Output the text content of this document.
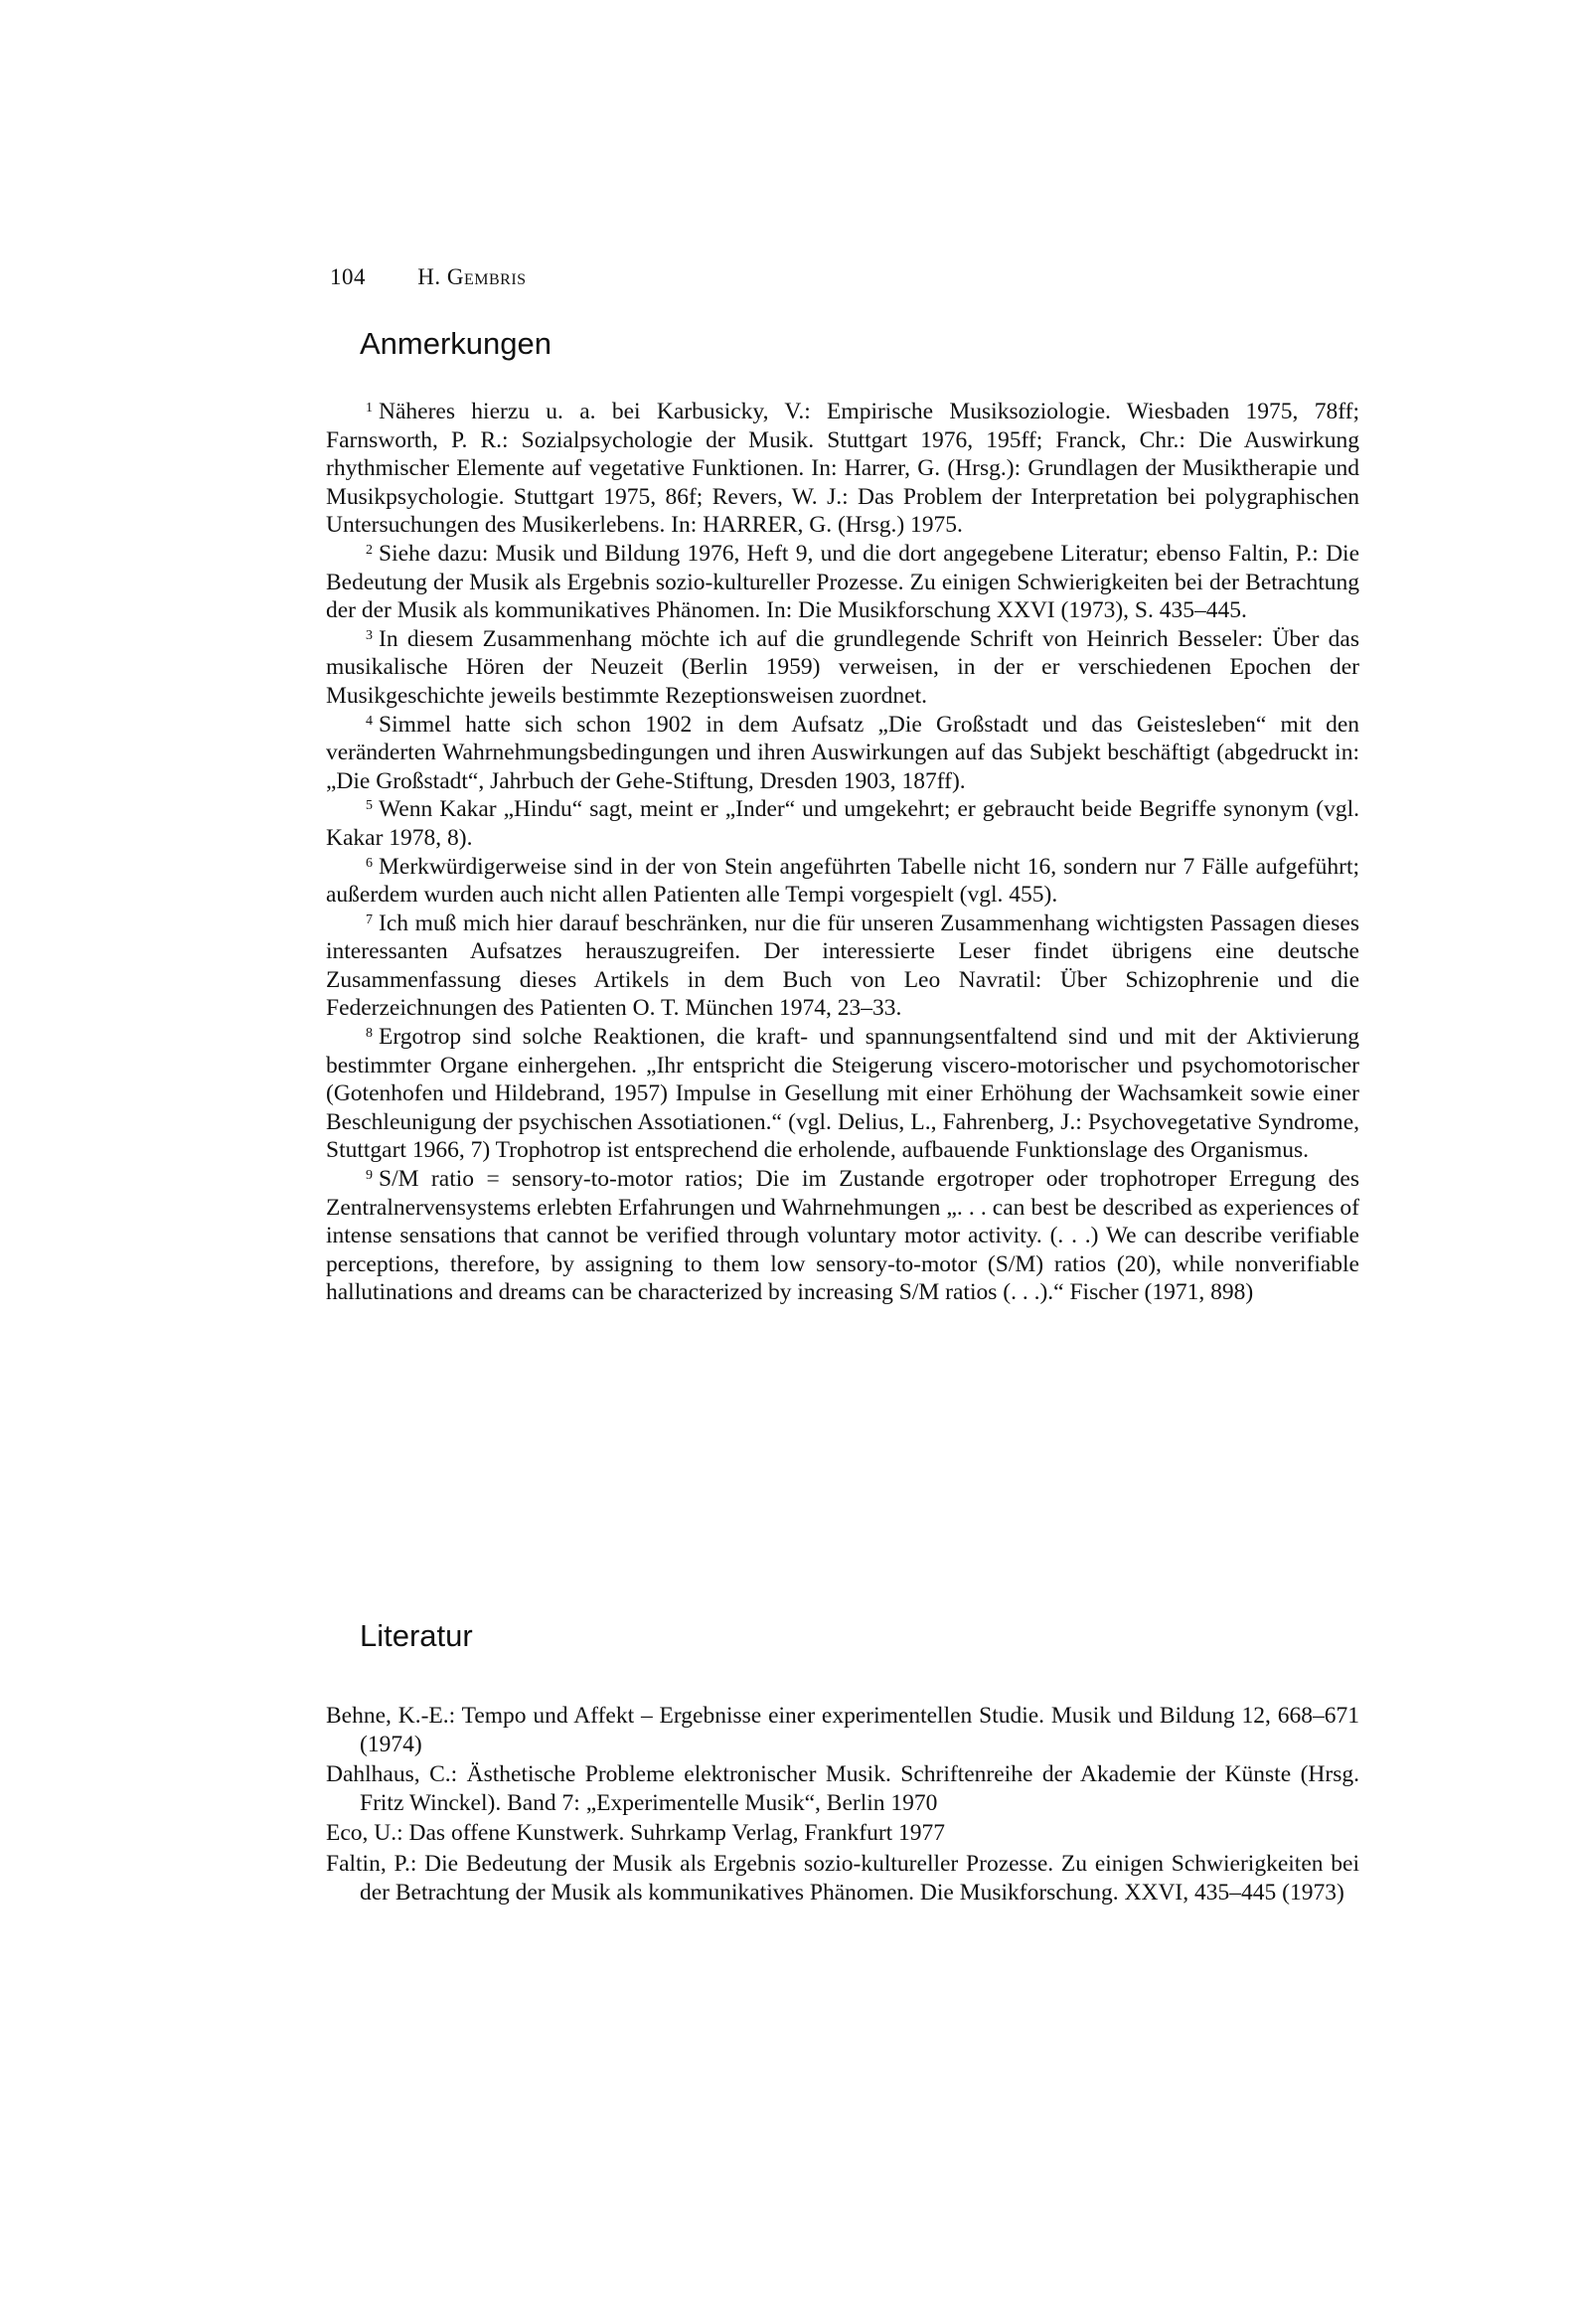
104 H. Gembris
Anmerkungen

$^1$ Näheres hierzu u. a. bei Karbusicky, V.: Empirische Musiksoziologie. Wiesbaden 1975, 78ff; Farnsworth, P. R.: Sozialpsychologie der Musik. Stuttgart 1976, 195ff; Franck, Chr.: Die Auswirkung rhythmischer Elemente auf vegetative Funktionen. In: Harrer, G. (Hrsg.): Grundlagen der Musiktherapie und Musikpsychologie. Stuttgart 1975, 86f; Revers, W. J.: Das Problem der Interpretation bei polygraphischen Untersuchungen des Musikerlebens. In: HARRER, G. (Hrsg.) 1975.

$^2$ Siehe dazu: Musik und Bildung 1976, Heft 9, und die dort angegebene Literatur; ebenso Faltin, P.: Die Bedeutung der Musik als Ergebnis sozio-kultureller Prozesse. Zu einigen Schwierigkeiten bei der Betrachtung der der Musik als kommunikatives Phänomen. In: Die Musikforschung XXVI (1973), S. 435–445.

$^3$ In diesem Zusammenhang möchte ich auf die grundlegende Schrift von Heinrich Besseler: Über das musikalische Hören der Neuzeit (Berlin 1959) verweisen, in der er verschiedenen Epochen der Musikgeschichte jeweils bestimmte Rezeptionsweisen zuordnet.

$^4$ Simmel hatte sich schon 1902 in dem Aufsatz „Die Großstadt und das Geistesleben“ mit den veränderten Wahrnehmungsbedingungen und ihren Auswirkungen auf das Subjekt beschäftigt (abgedruckt in: „Die Großstadt“, Jahrbuch der Gehe-Stiftung, Dresden 1903, 187ff).

$^5$ Wenn Kakar „Hindu“ sagt, meint er „Inder“ und umgekehrt; er gebraucht beide Begriffe synonym (vgl. Kakar 1978, 8).

$^6$ Merkwürdigerweise sind in der von Stein angeführten Tabelle nicht 16, sondern nur 7 Fälle aufgeführt; außerdem wurden auch nicht allen Patienten alle Tempi vorgespielt (vgl. 455).

$^7$ Ich muß mich hier darauf beschränken, nur die für unseren Zusammenhang wichtigsten Passagen dieses interessanten Aufsatzes herauszugreifen. Der interessierte Leser findet übrigens eine deutsche Zusammenfassung dieses Artikels in dem Buch von Leo Navratil: Über Schizophrenie und die Federzeichnungen des Patienten O. T. München 1974, 23–33.

$^8$ Ergotrop sind solche Reaktionen, die kraft- und spannungsentfaltend sind und mit der Aktivierung bestimmter Organe einhergehen. „Ihr entspricht die Steigerung viscero-motorischer und psychomotorischer (Gotenhofen und Hildebrand, 1957) Impulse in Gesellung mit einer Erhöhung der Wachsamkeit sowie einer Beschleunigung der psychischen Assotiationen.“ (vgl. Delius, L., Fahrenberg, J.: Psychovegetative Syndrome, Stuttgart 1966, 7) Trophotrop ist entsprechend die erholende, aufbauende Funktionslage des Organismus.

$^9$ S/M ratio = sensory-to-motor ratios; Die im Zustande ergotroper oder trophotroper Erregung des Zentralnervensystems erlebten Erfahrungen und Wahrnehmungen „. . . can best be described as experiences of intense sensations that cannot be verified through voluntary motor activity. (. . .) We can describe verifiable perceptions, therefore, by assigning to them low sensory-to-motor (S/M) ratios (20), while nonverifiable hallutinations and dreams can be characterized by increasing S/M ratios (. . .).“ Fischer (1971, 898)

Literatur

Behne, K.-E.: Tempo und Affekt – Ergebnisse einer experimentellen Studie. Musik und Bildung 12, 668–671 (1974)

Dahlhaus, C.: Ästhetische Probleme elektronischer Musik. Schriftenreihe der Akademie der Künste (Hrsg. Fritz Winckel). Band 7: „Experimentelle Musik“, Berlin 1970

Eco, U.: Das offene Kunstwerk. Suhrkamp Verlag, Frankfurt 1977

Faltin, P.: Die Bedeutung der Musik als Ergebnis sozio-kultureller Prozesse. Zu einigen Schwierigkeiten bei der Betrachtung der Musik als kommunikatives Phänomen. Die Musikforschung. XXVI, 435–445 (1973)
